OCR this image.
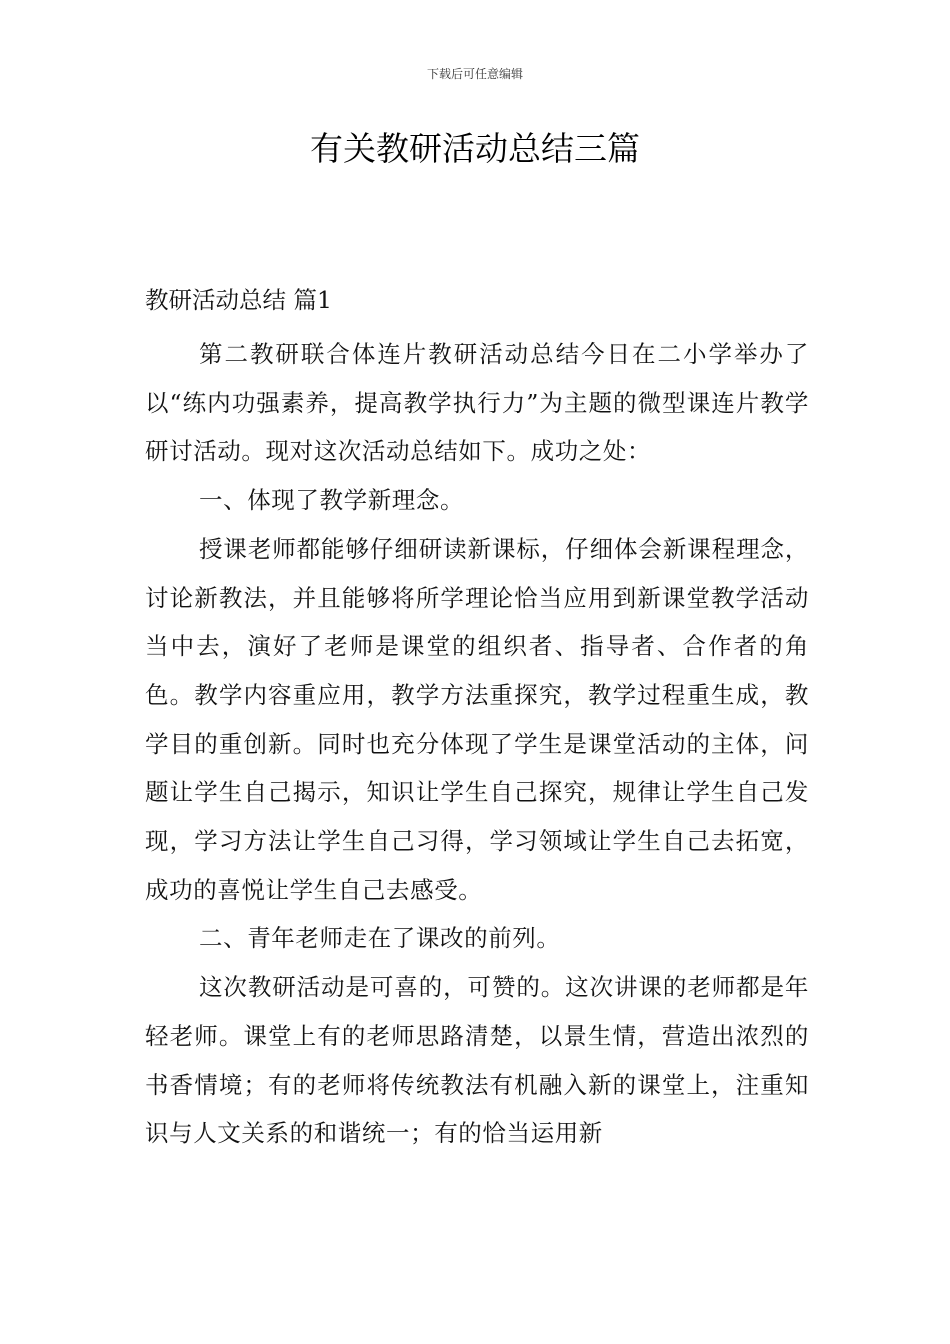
下载后可任意编辑
有关教研活动总结三篇

教研活动总结 篇1

第二教研联合体连片教研活动总结今日在二小学举办了以“练内功强素养，提高教学执行力”为主题的微型课连片教学研讨活动。现对这次活动总结如下。成功之处：

一、体现了教学新理念。

授课老师都能够仔细研读新课标，仔细体会新课程理念，讨论新教法，并且能够将所学理论恰当应用到新课堂教学活动当中去，演好了老师是课堂的组织者、指导者、合作者的角色。教学内容重应用，教学方法重探究，教学过程重生成，教学目的重创新。同时也充分体现了学生是课堂活动的主体，问题让学生自己揭示，知识让学生自己探究，规律让学生自己发现，学习方法让学生自己习得，学习领域让学生自己去拓宽，成功的喜悦让学生自己去感受。

二、青年老师走在了课改的前列。

这次教研活动是可喜的，可赞的。这次讲课的老师都是年轻老师。课堂上有的老师思路清楚，以景生情，营造出浓烈的书香情境；有的老师将传统教法有机融入新的课堂上，注重知识与人文关系的和谐统一；有的恰当运用新
